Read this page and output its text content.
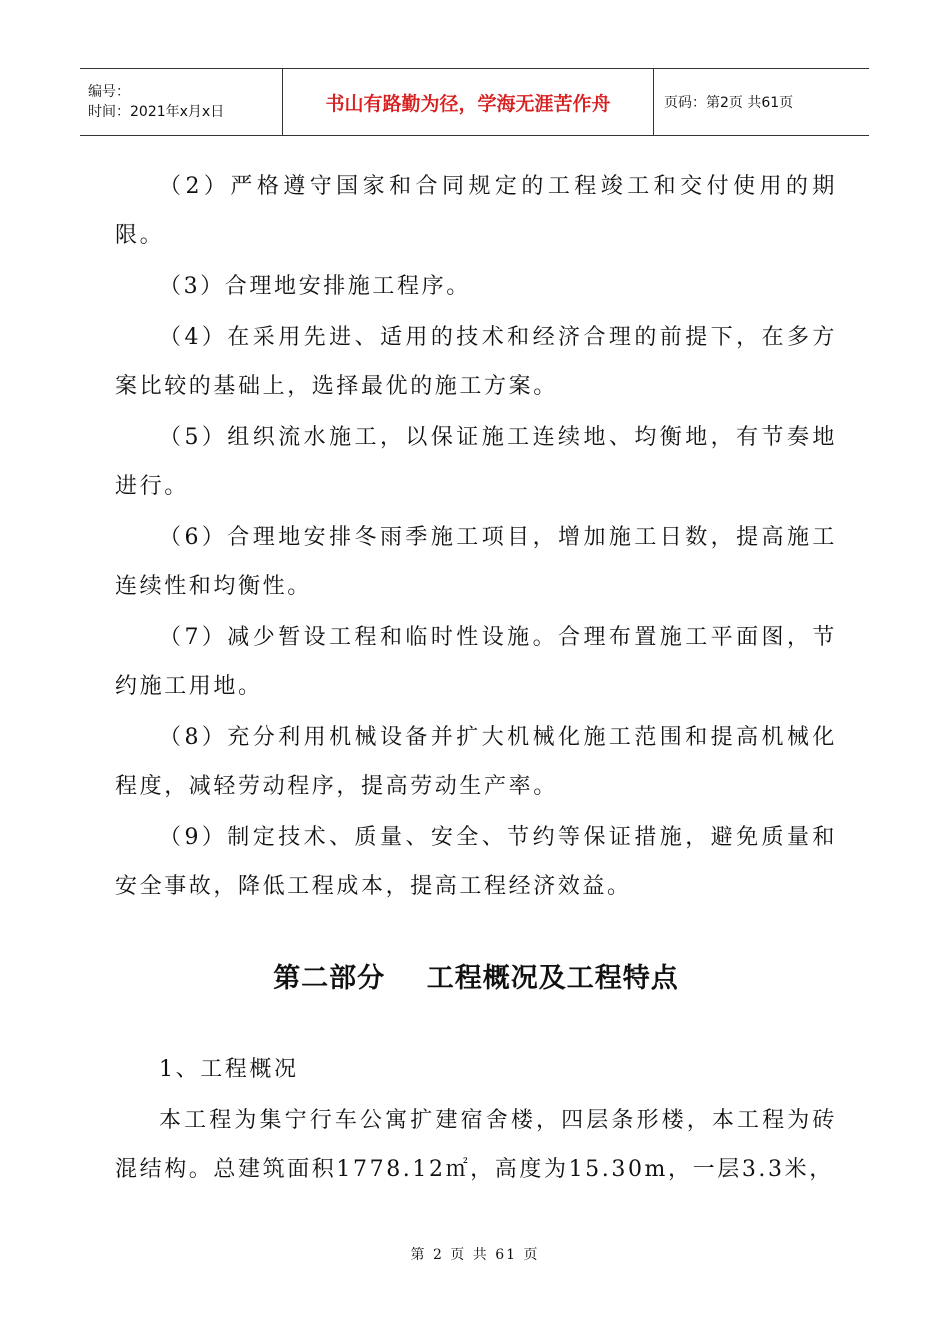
编号：
时间：2021年x月x日	书山有路勤为径，学海无涯苦作舟	页码：第2页 共61页

（2）严格遵守国家和合同规定的工程竣工和交付使用的期限。

（3）合理地安排施工程序。

（4）在采用先进、适用的技术和经济合理的前提下，在多方案比较的基础上，选择最优的施工方案。

（5）组织流水施工，以保证施工连续地、均衡地，有节奏地进行。

（6）合理地安排冬雨季施工项目，增加施工日数，提高施工连续性和均衡性。

（7）减少暂设工程和临时性设施。合理布置施工平面图，节约施工用地。

（8）充分利用机械设备并扩大机械化施工范围和提高机械化程度，减轻劳动程序，提高劳动生产率。

（9）制定技术、质量、安全、节约等保证措施，避免质量和安全事故，降低工程成本，提高工程经济效益。

第二部分    工程概况及工程特点

1、工程概况

本工程为集宁行车公寓扩建宿舍楼，四层条形楼，本工程为砖混结构。总建筑面积1778.12㎡，高度为15.30m，一层3.3米，

第 2 页 共 61 页
